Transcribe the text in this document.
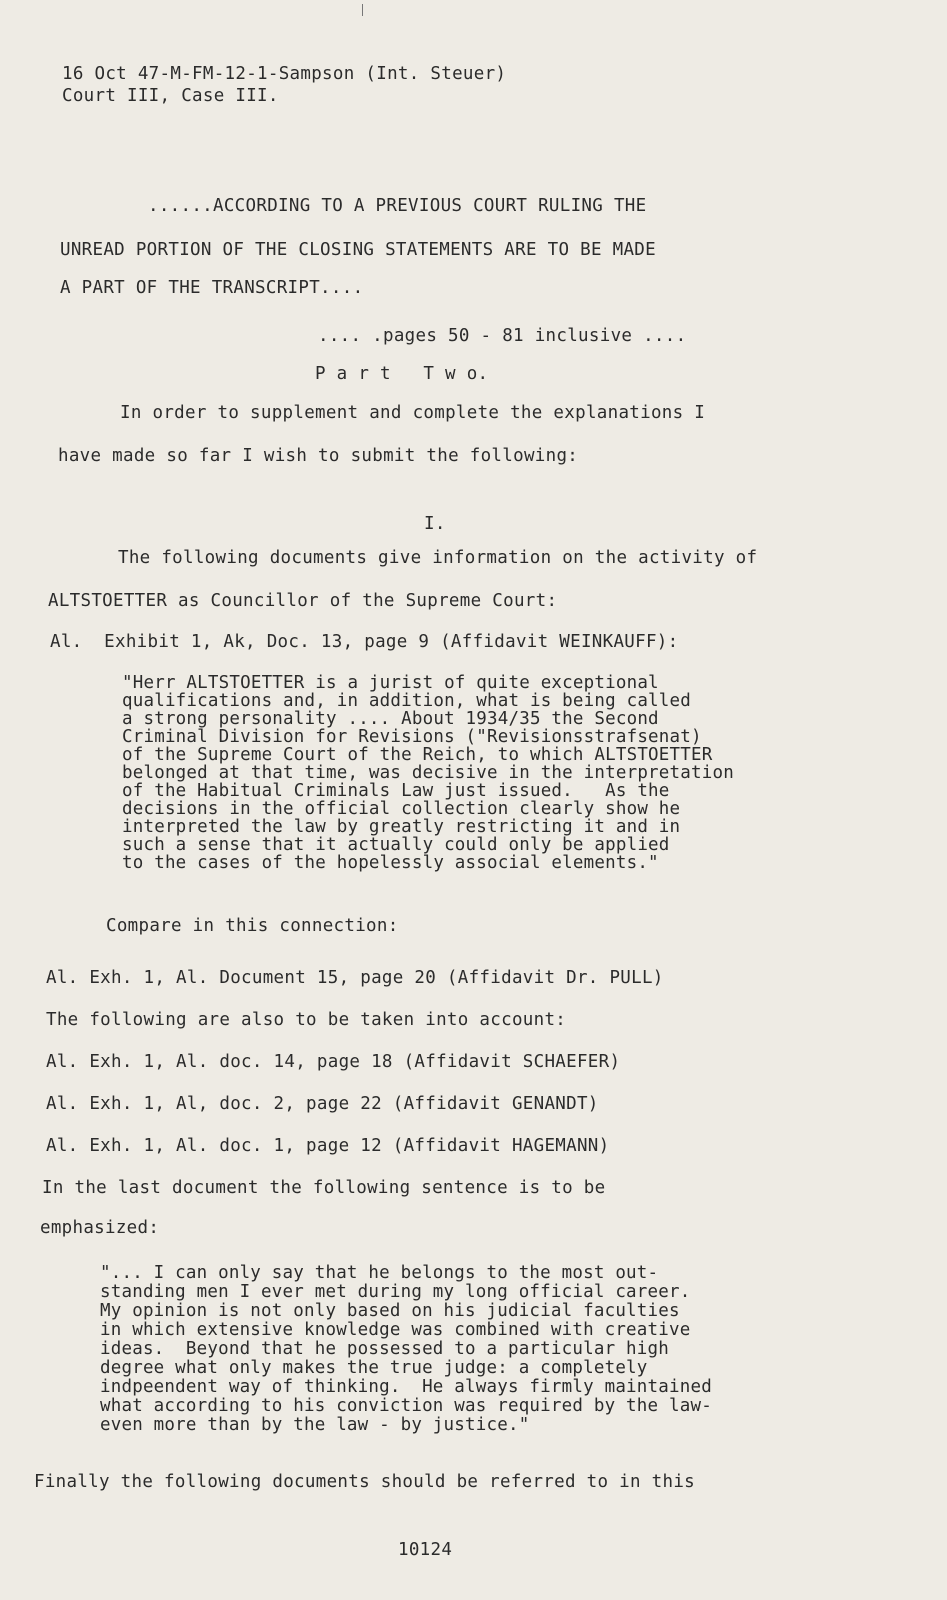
16 Oct 47-M-FM-12-1-Sampson (Int. Steuer)
Court III, Case III.
......ACCORDING TO A PREVIOUS COURT RULING THE
UNREAD PORTION OF THE CLOSING STATEMENTS ARE TO BE MADE
A PART OF THE TRANSCRIPT....
.... .pages 50 - 81 inclusive ....
P a r t   T w o.
In order to supplement and complete the explanations I
have made so far I wish to submit the following:
I.
The following documents give information on the activity of
ALTSTOETTER as Councillor of the Supreme Court:
Al.  Exhibit 1, Ak, Doc. 13, page 9 (Affidavit WEINKAUFF):
"Herr ALTSTOETTER is a jurist of quite exceptional
qualifications and, in addition, what is being called
a strong personality .... About 1934/35 the Second
Criminal Division for Revisions ("Revisionsstrafsenat)
of the Supreme Court of the Reich, to which ALTSTOETTER
belonged at that time, was decisive in the interpretation
of the Habitual Criminals Law just issued.   As the
decisions in the official collection clearly show he
interpreted the law by greatly restricting it and in
such a sense that it actually could only be applied
to the cases of the hopelessly associal elements."
Compare in this connection:
Al. Exh. 1, Al. Document 15, page 20 (Affidavit Dr. PULL)
The following are also to be taken into account:
Al. Exh. 1, Al. doc. 14, page 18 (Affidavit SCHAEFER)
Al. Exh. 1, Al, doc. 2, page 22 (Affidavit GENANDT)
Al. Exh. 1, Al. doc. 1, page 12 (Affidavit HAGEMANN)
In the last document the following sentence is to be
emphasized:
"... I can only say that he belongs to the most out-
standing men I ever met during my long official career.
My opinion is not only based on his judicial faculties
in which extensive knowledge was combined with creative
ideas.  Beyond that he possessed to a particular high
degree what only makes the true judge: a completely
indpeendent way of thinking.  He always firmly maintained
what according to his conviction was required by the law-
even more than by the law - by justice."
Finally the following documents should be referred to in this
10124
